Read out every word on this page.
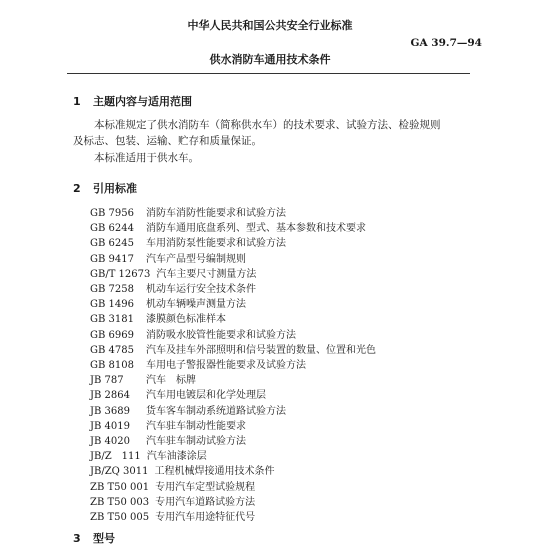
中华人民共和国公共安全行业标准
GA 39.7—94
供水消防车通用技术条件
1 主题内容与适用范围
本标准规定了供水消防车（简称供水车）的技术要求、试验方法、检验规则
及标志、包装、运输、贮存和质量保证。
本标准适用于供水车。
2 引用标准
GB 7956 消防车消防性能要求和试验方法
GB 6244 消防车通用底盘系列、型式、基本参数和技术要求
GB 6245 车用消防泵性能要求和试验方法
GB 9417 汽车产品型号编制规则
GB/T 12673 汽车主要尺寸测量方法
GB 7258 机动车运行安全技术条件
GB 1496 机动车辆噪声测量方法
GB 3181 漆膜颜色标准样本
GB 6969 消防吸水胶管性能要求和试验方法
GB 4785 汽车及挂车外部照明和信号装置的数量、位置和光色
GB 8108 车用电子警报器性能要求及试验方法
JB 787 汽车　标牌
JB 2864 汽车用电镀层和化学处理层
JB 3689 货车客车制动系统道路试验方法
JB 4019 汽车驻车制动性能要求
JB 4020 汽车驻车制动试验方法
JB/Z　111 汽车油漆涂层
JB/ZQ 3011 工程机械焊接通用技术条件
ZB T50 001 专用汽车定型试验规程
ZB T50 003 专用汽车道路试验方法
ZB T50 005 专用汽车用途特征代号
3 型号
